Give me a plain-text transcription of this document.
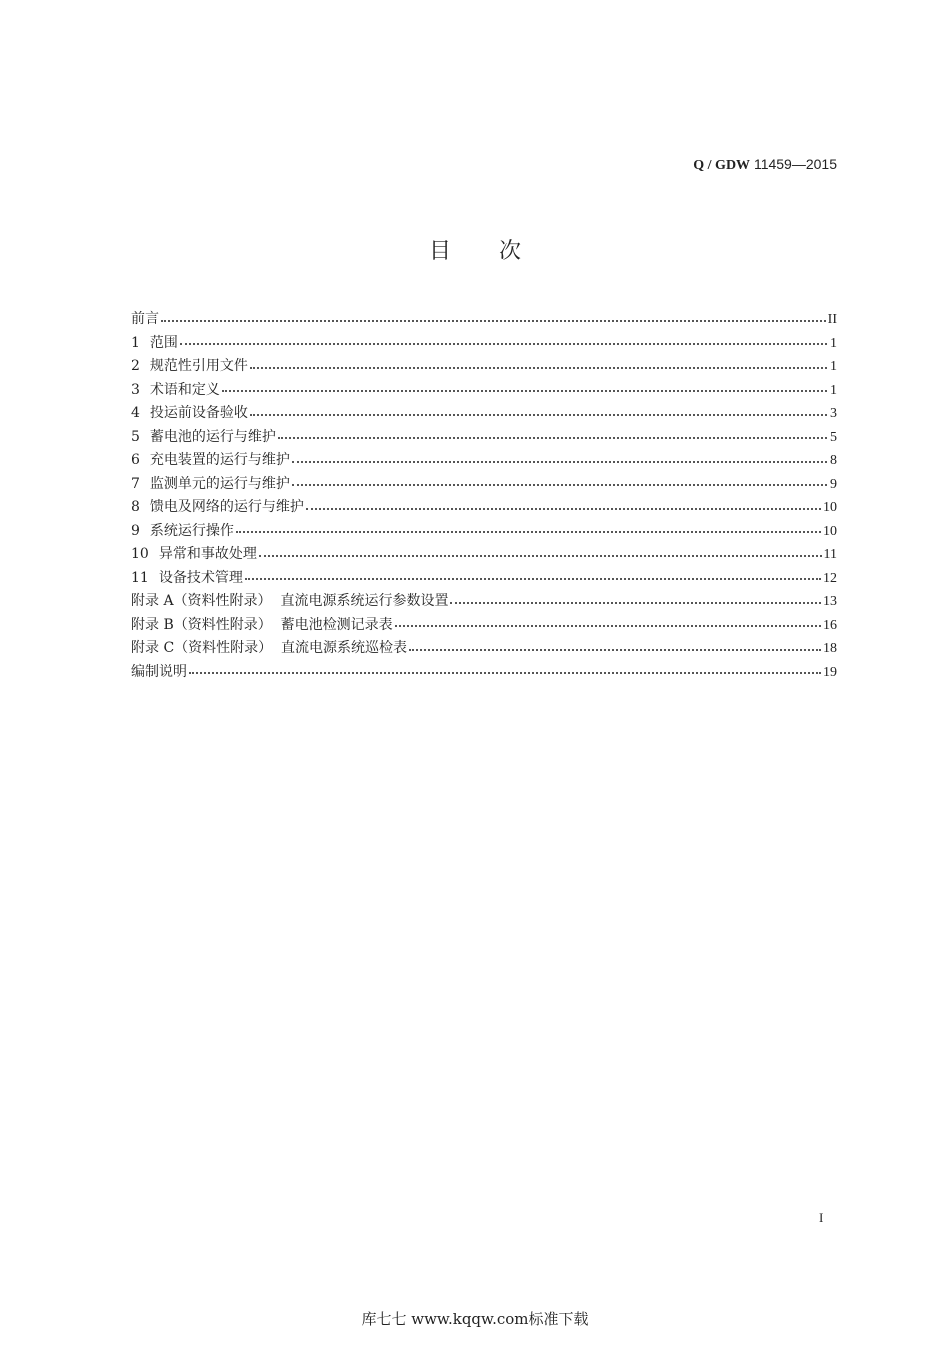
Q / GDW 11459—2015
目次
前言	II
1 范围	1
2 规范性引用文件	1
3 术语和定义	1
4 投运前设备验收	3
5 蓄电池的运行与维护	5
6 充电装置的运行与维护	8
7 监测单元的运行与维护	9
8 馈电及网络的运行与维护	10
9 系统运行操作	10
10 异常和事故处理	11
11 设备技术管理	12
附录 A（资料性附录）  直流电源系统运行参数设置	13
附录 B（资料性附录）  蓄电池检测记录表	16
附录 C（资料性附录）  直流电源系统巡检表	18
编制说明	19
I
库七七 www.kqqw.com标准下载
